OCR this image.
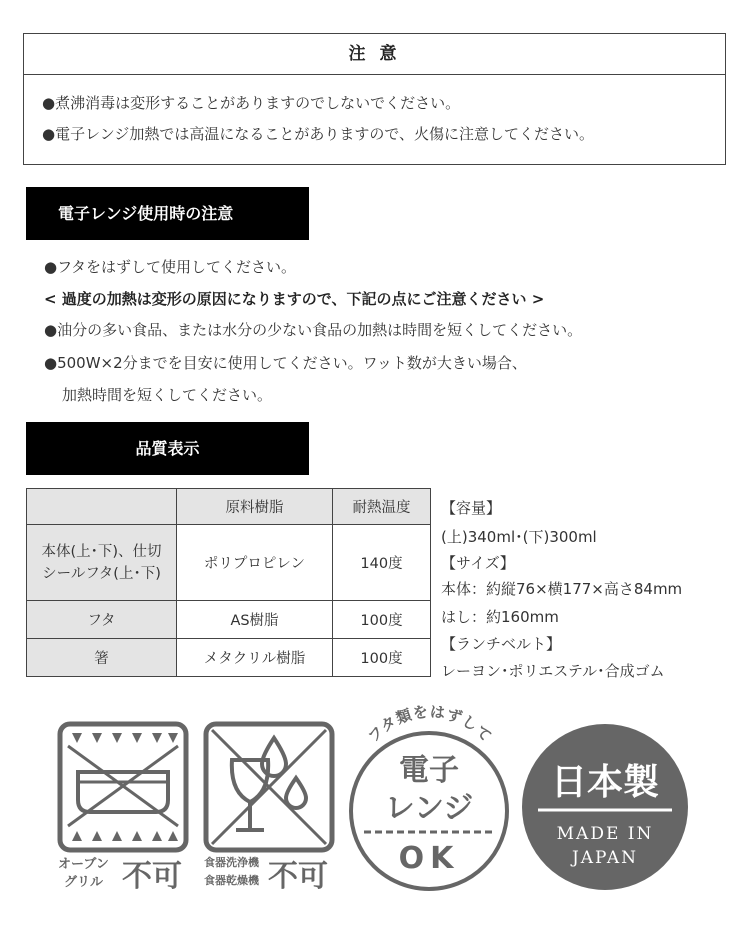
注 意
●煮沸消毒は変形することがありますのでしないでください。
●電子レンジ加熱では高温になることがありますので、火傷に注意してください。
電子レンジ使用時の注意
●フタをはずして使用してください。
< 過度の加熱は変形の原因になりますので、下記の点にご注意ください >
●油分の多い食品、または水分の少ない食品の加熱は時間を短くしてください。
●500W×2分までを目安に使用してください。ワット数が大きい場合、
加熱時間を短くしてください。
品質表示
	原料樹脂	耐熱温度
本体(上･下)、仕切
シールフタ(上･下)	ポリプロピレン	140度
フタ	AS樹脂	100度
箸	メタクリル樹脂	100度
【容量】
(上)340ml･(下)300ml
【サイズ】
本体：約縦76×横177×高さ84mm
はし：約160mm
【ランチベルト】
レーヨン･ポリエステル･合成ゴム
オーブン
グリル 不可 食器洗浄機
食器乾燥機 不可
フタ類をはずして
電子
レンジ
OK
日本製
MADE IN
JAPAN
